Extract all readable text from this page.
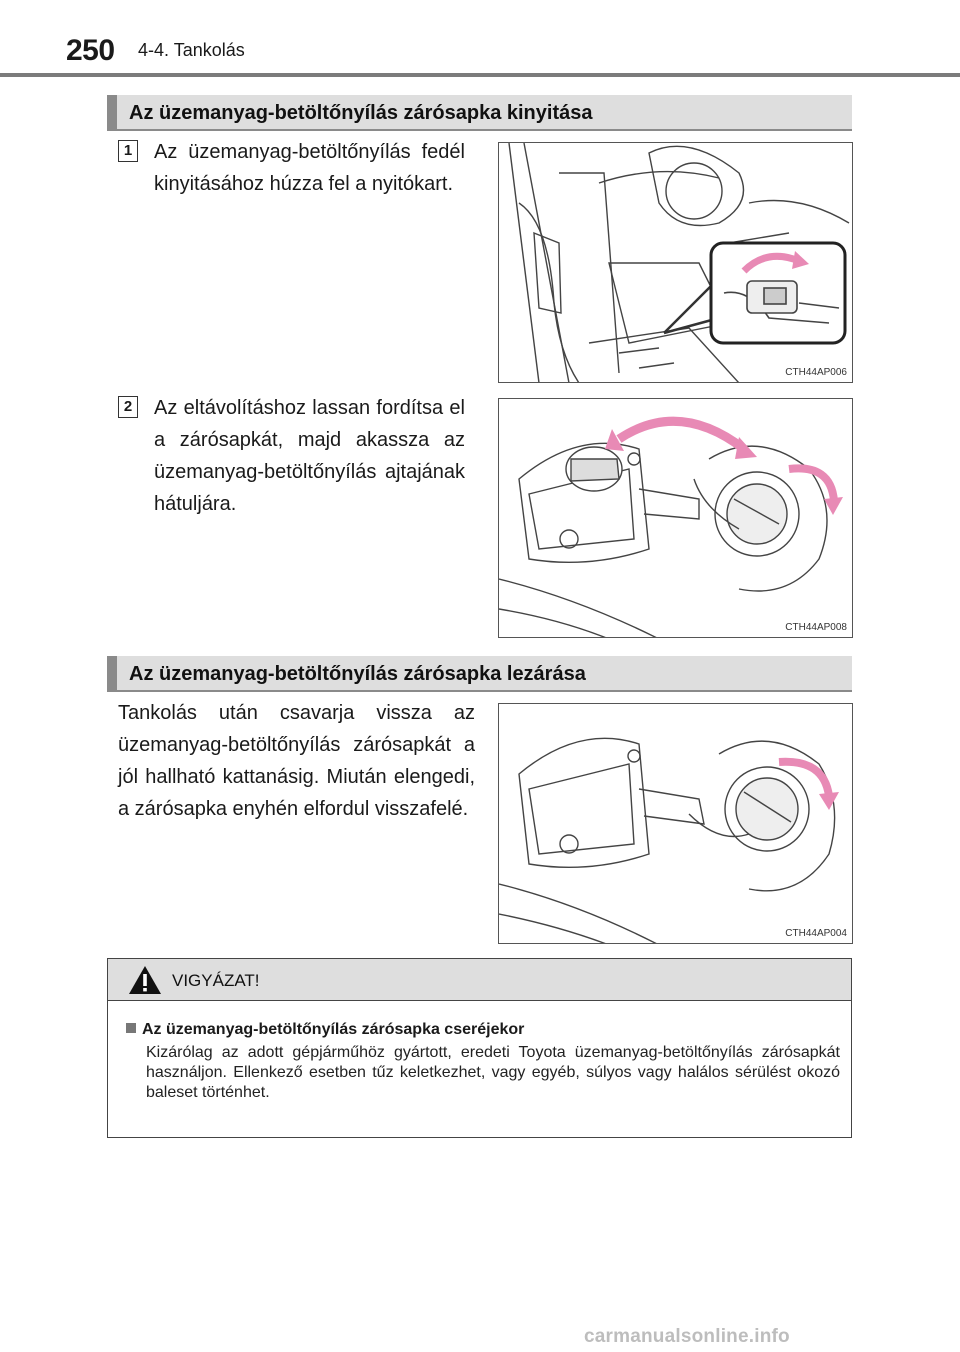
250 4-4. Tankolás
Az üzemanyag-betöltőnyílás zárósapka kinyitása
1 Az üzemanyag-betöltőnyílás fedél kinyitásához húzza fel a nyitókart.
CTH44AP006
2 Az eltávolításhoz lassan fordítsa el a zárósapkát, majd akassza az üzemanyag-betöltőnyílás ajtajának hátuljára.
CTH44AP008
Az üzemanyag-betöltőnyílás zárósapka lezárása
Tankolás után csavarja vissza az üzemanyag-betöltőnyílás zárósapkát a jól hallható kattanásig. Miután elengedi, a zárósapka enyhén elfordul visszafelé.
CTH44AP004
VIGYÁZAT!
Az üzemanyag-betöltőnyílás zárósapka cseréjekor
Kizárólag az adott gépjárműhöz gyártott, eredeti Toyota üzemanyag-betöltőnyílás zárósapkát használjon. Ellenkező esetben tűz keletkezhet, vagy egyéb, súlyos vagy halálos sérülést okozó baleset történhet.
carmanualsonline.info
